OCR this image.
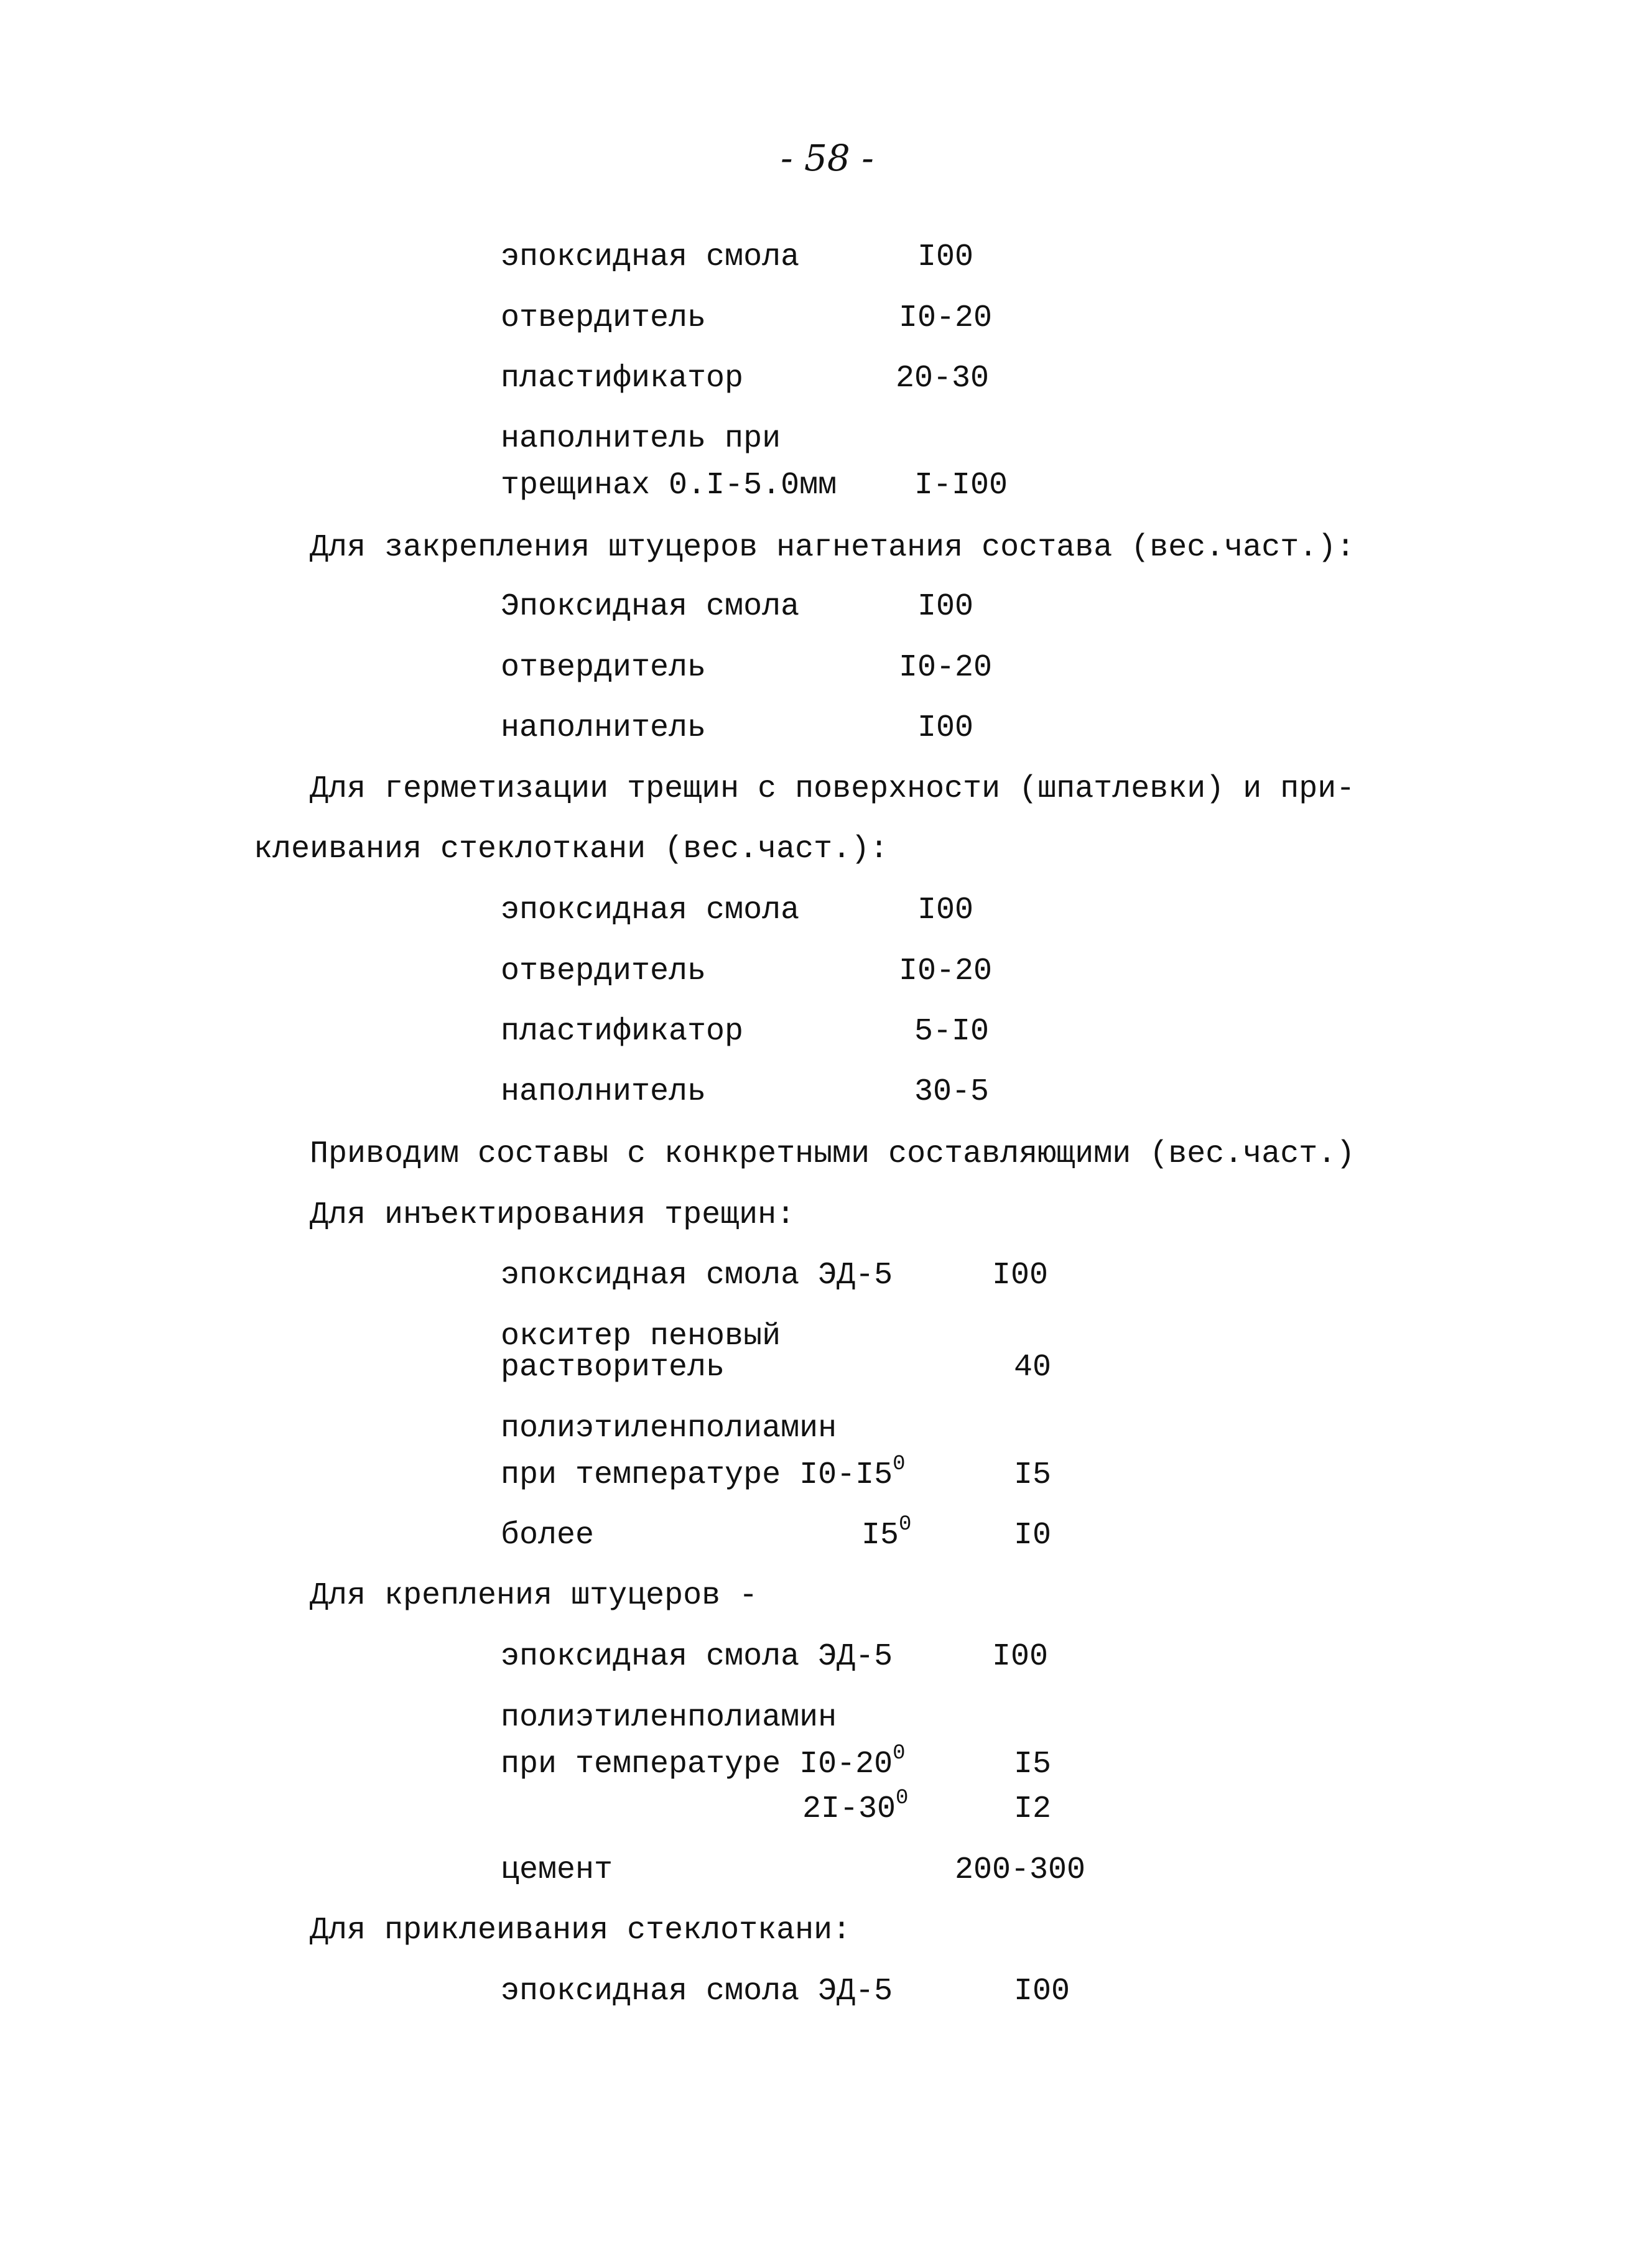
- 58 -
эпоксидная смола	I00
отвердитель	I0-20
пластификатор	20-30
наполнитель при
трещинах 0.I-5.0мм I-I00
Для закрепления штуцеров нагнетания состава (вес.част.):
Эпоксидная смола	I00
отвердитель	I0-20
наполнитель	I00
Для герметизации трещин с поверхности (шпатлевки) и при-
клеивания стеклоткани (вес.част.):
эпоксидная смола	I00
отвердитель	I0-20
пластификатор	5-I0
наполнитель	30-5
Приводим составы с конкретными составляющими (вес.част.)
Для инъектирования трещин:
эпоксидная смола ЭД-5	I00
окситер пеновый
растворитель	40
полиэтиленполиамин
при температуре $I0-I5^0$	I5
более	$I5^0$	I0
Для крепления штуцеров -
эпоксидная смола ЭД-5	I00
полиэтиленполиамин
при температуре $I0-20^0$	I5
$2I-30^0$	I2
цемент	200-300
Для приклеивания стеклоткани:
эпоксидная смола ЭД-5	I00
